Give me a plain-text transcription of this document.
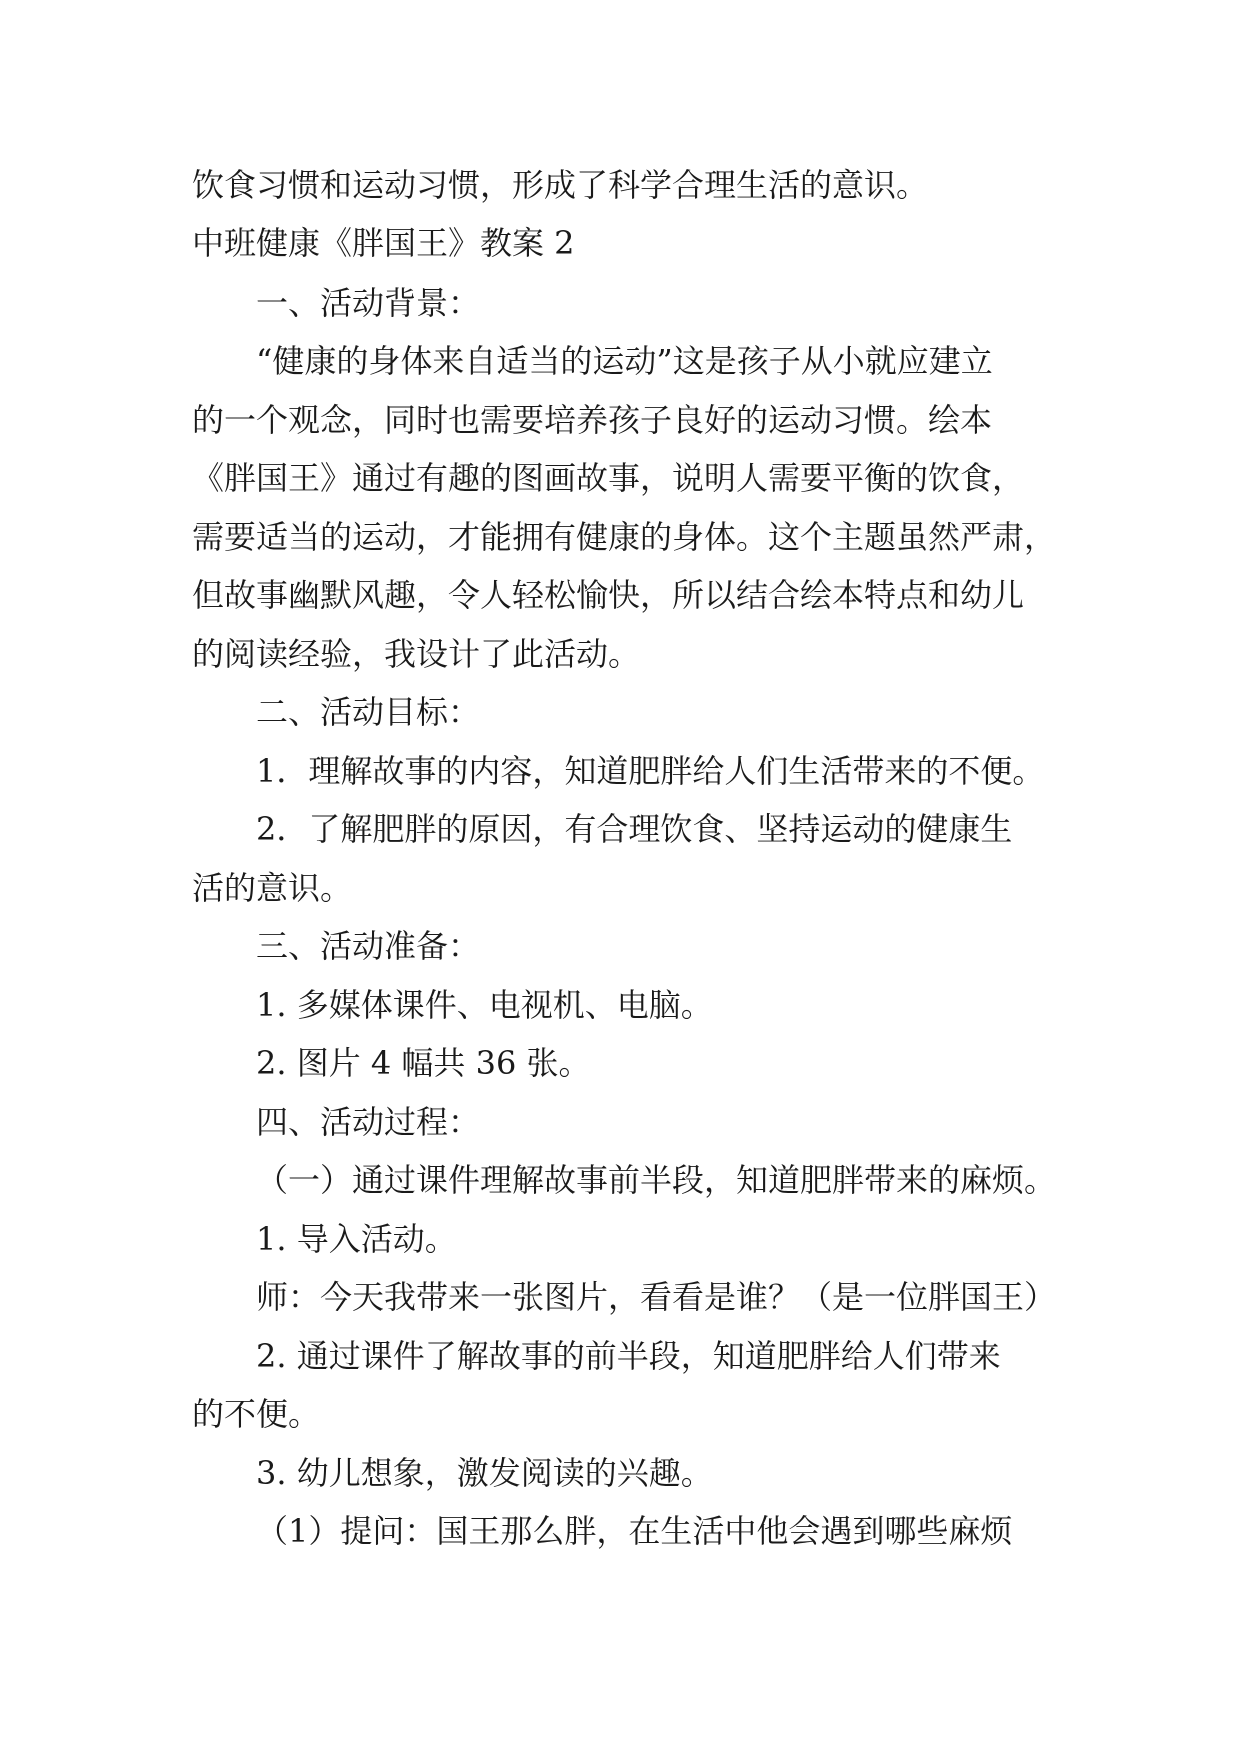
饮食习惯和运动习惯，形成了科学合理生活的意识。
中班健康《胖国王》教案 2
一、活动背景：
“健康的身体来自适当的运动”这是孩子从小就应建立
的一个观念，同时也需要培养孩子良好的运动习惯。绘本
《胖国王》通过有趣的图画故事，说明人需要平衡的饮食，
需要适当的运动，才能拥有健康的身体。这个主题虽然严肃，
但故事幽默风趣，令人轻松愉快，所以结合绘本特点和幼儿
的阅读经验，我设计了此活动。
二、活动目标：
1．理解故事的内容，知道肥胖给人们生活带来的不便。
2．了解肥胖的原因，有合理饮食、坚持运动的健康生
活的意识。
三、活动准备：
1. 多媒体课件、电视机、电脑。
2. 图片 4 幅共 36 张。
四、活动过程：
（一）通过课件理解故事前半段，知道肥胖带来的麻烦。
1. 导入活动。
师：今天我带来一张图片，看看是谁？（是一位胖国王）
2. 通过课件了解故事的前半段，知道肥胖给人们带来
的不便。
3. 幼儿想象，激发阅读的兴趣。
（1）提问：国王那么胖，在生活中他会遇到哪些麻烦
